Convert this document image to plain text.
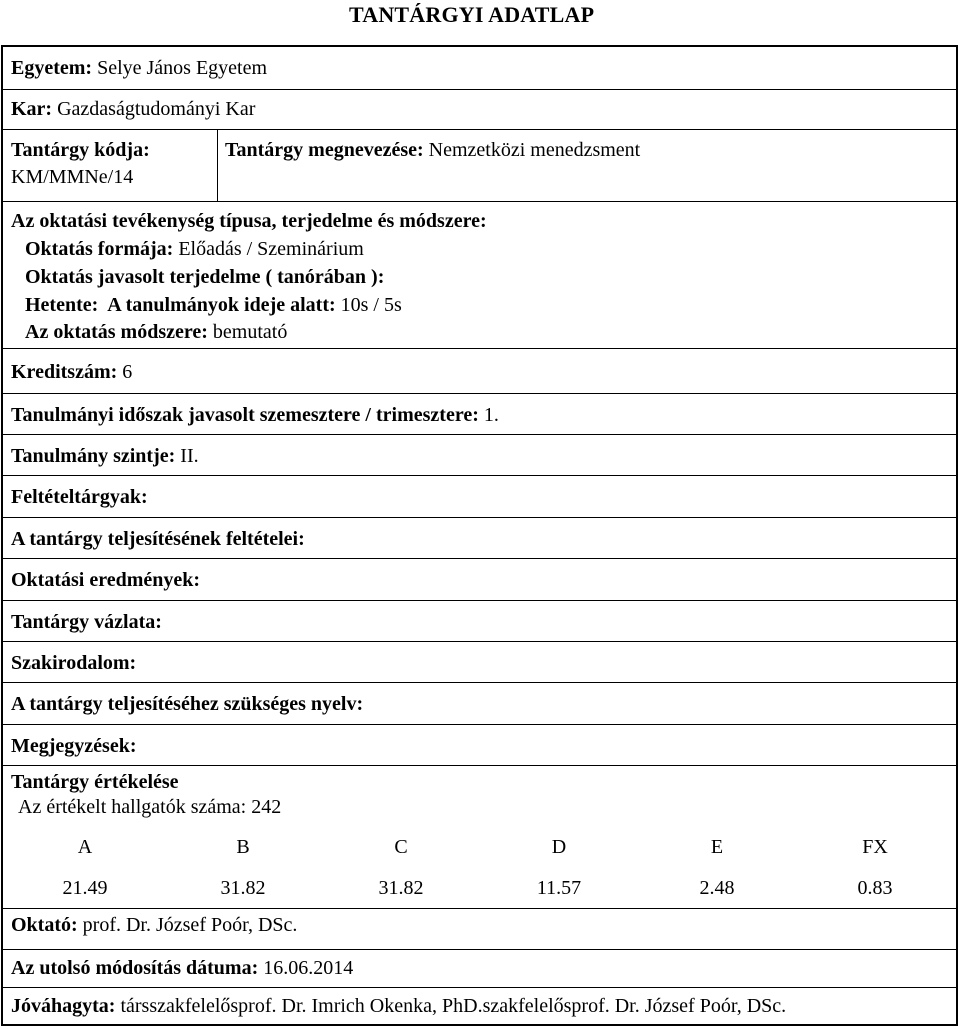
TANTÁRGYI ADATLAP
Egyetem: Selye János Egyetem
Kar: Gazdaságtudományi Kar
Tantárgy kódja:
KM/MMNe/14
Tantárgy megnevezése: Nemzetközi menedzsment
Az oktatási tevékenység típusa, terjedelme és módszere:
Oktatás formája: Előadás / Szeminárium
Oktatás javasolt terjedelme ( tanórában ):
Hetente: A tanulmányok ideje alatt: 10s / 5s
Az oktatás módszere: bemutató
Kreditszám: 6
Tanulmányi időszak javasolt szemesztere / trimesztere: 1.
Tanulmány szintje: II.
Feltételtárgyak:
A tantárgy teljesítésének feltételei:
Oktatási eredmények:
Tantárgy vázlata:
Szakirodalom:
A tantárgy teljesítéséhez szükséges nyelv:
Megjegyzések:
Tantárgy értékelése
Az értékelt hallgatók száma: 242
A
21.49
B
31.82
C
31.82
D
11.57
E
2.48
FX
0.83
Oktató: prof. Dr. József Poór, DSc.
Az utolsó módosítás dátuma: 16.06.2014
Jóváhagyta: társszakfelelősprof. Dr. Imrich Okenka, PhD.szakfelelősprof. Dr. József Poór, DSc.
